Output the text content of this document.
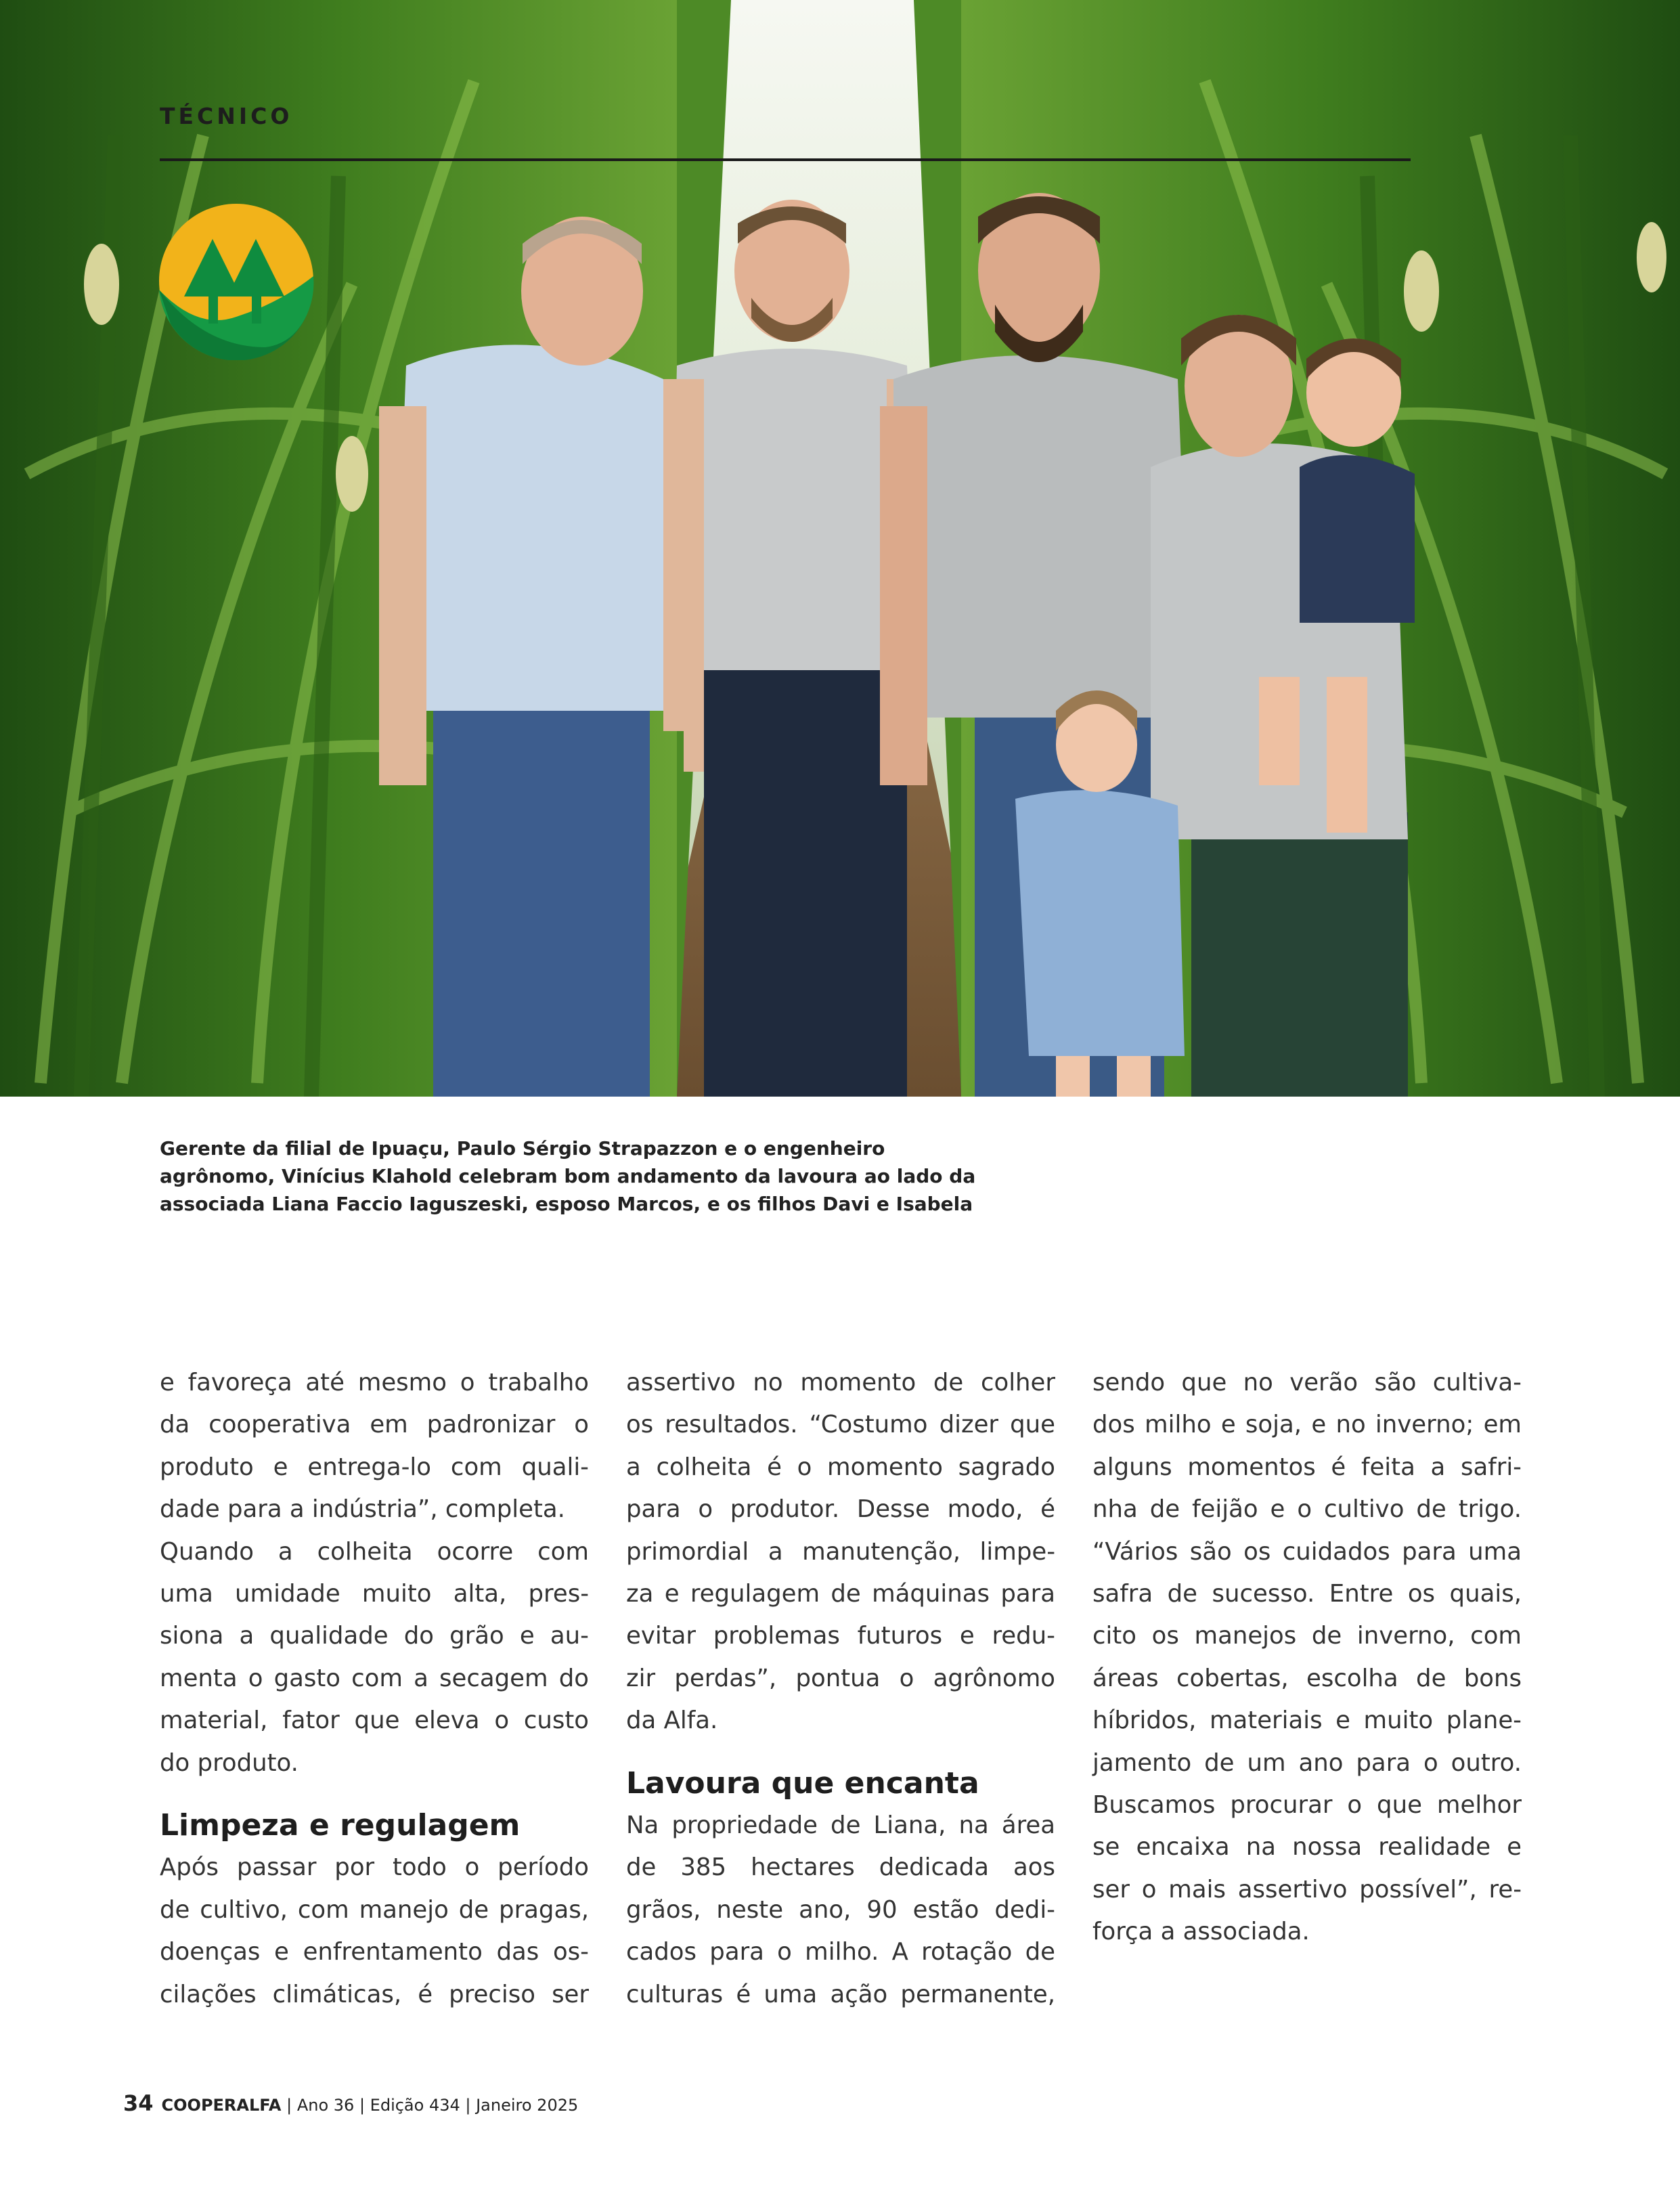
TÉCNICO
Gerente da filial de Ipuaçu, Paulo Sérgio Strapazzon e o engenheiro
agrônomo, Vinícius Klahold celebram bom andamento da lavoura ao lado da
associada Liana Faccio Iaguszeski, esposo Marcos, e os filhos Davi e Isabela
e favoreça até mesmo o trabalho
da cooperativa em padronizar o
produto e entrega-lo com quali-
dade para a indústria”, completa.
Quando a colheita ocorre com
uma umidade muito alta, pres-
siona a qualidade do grão e au-
menta o gasto com a secagem do
material, fator que eleva o custo
do produto.
Limpeza e regulagem
Após passar por todo o período
de cultivo, com manejo de pragas,
doenças e enfrentamento das os-
cilações climáticas, é preciso ser
assertivo no momento de colher
os resultados. “Costumo dizer que
a colheita é o momento sagrado
para o produtor. Desse modo, é
primordial a manutenção, limpe-
za e regulagem de máquinas para
evitar problemas futuros e redu-
zir perdas”, pontua o agrônomo
da Alfa.
Lavoura que encanta
Na propriedade de Liana, na área
de 385 hectares dedicada aos
grãos, neste ano, 90 estão dedi-
cados para o milho. A rotação de
culturas é uma ação permanente,
sendo que no verão são cultiva-
dos milho e soja, e no inverno; em
alguns momentos é feita a safri-
nha de feijão e o cultivo de trigo.
“Vários são os cuidados para uma
safra de sucesso. Entre os quais,
cito os manejos de inverno, com
áreas cobertas, escolha de bons
híbridos, materiais e muito plane-
jamento de um ano para o outro.
Buscamos procurar o que melhor
se encaixa na nossa realidade e
ser o mais assertivo possível”, re-
força a associada.
34 COOPERALFA | Ano 36 | Edição 434 | Janeiro 2025
